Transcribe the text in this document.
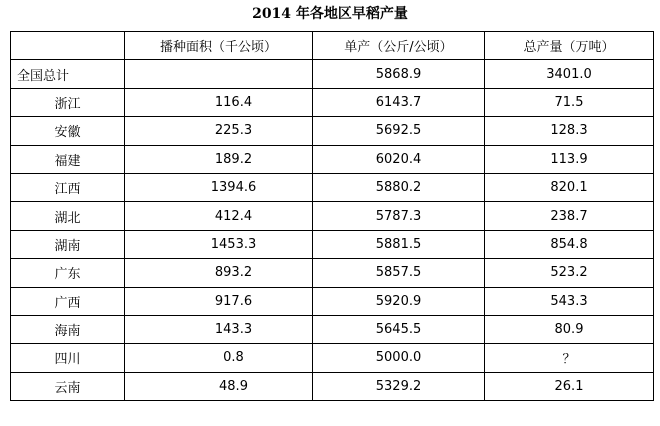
2014 年各地区早稻产量
	播种面积（千公顷）	单产（公斤/公顷）	总产量（万吨）
全国总计		5868.9	3401.0
浙江	116.4	6143.7	71.5
安徽	225.3	5692.5	128.3
福建	189.2	6020.4	113.9
江西	1394.6	5880.2	820.1
湖北	412.4	5787.3	238.7
湖南	1453.3	5881.5	854.8
广东	893.2	5857.5	523.2
广西	917.6	5920.9	543.3
海南	143.3	5645.5	80.9
四川	0.8	5000.0	？
云南	48.9	5329.2	26.1
